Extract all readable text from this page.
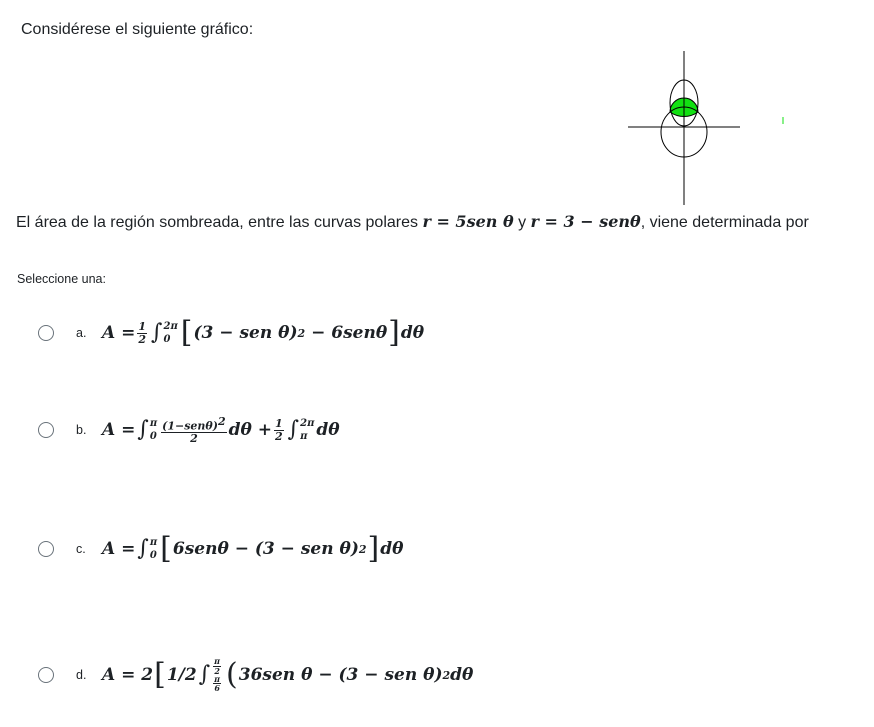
Considérese el siguiente gráfico:
El área de la región sombreada, entre las curvas polares r = 5sen θ y r = 3 − senθ, viene determinada por
Seleccione una:
a. $A = \frac{1}{2}$ ∫ 2π
0 [ (3 − sen θ) 2
− 6senθ ] dθ
b. A = ∫ π
$0 \frac{(1-sen\theta)^2}{2}$ $d\theta + \frac{1}{2}$ ∫ 2π
π dθ
c. A = ∫ π
0 [ 6senθ − (3 − sen θ) 2 ] dθ
d. A = 2 [ 1/2 ∫ $\frac{\pi}{2}$
$\frac{\pi}{6}$ ( 36sen θ − (3 − sen θ) 2 dθ
